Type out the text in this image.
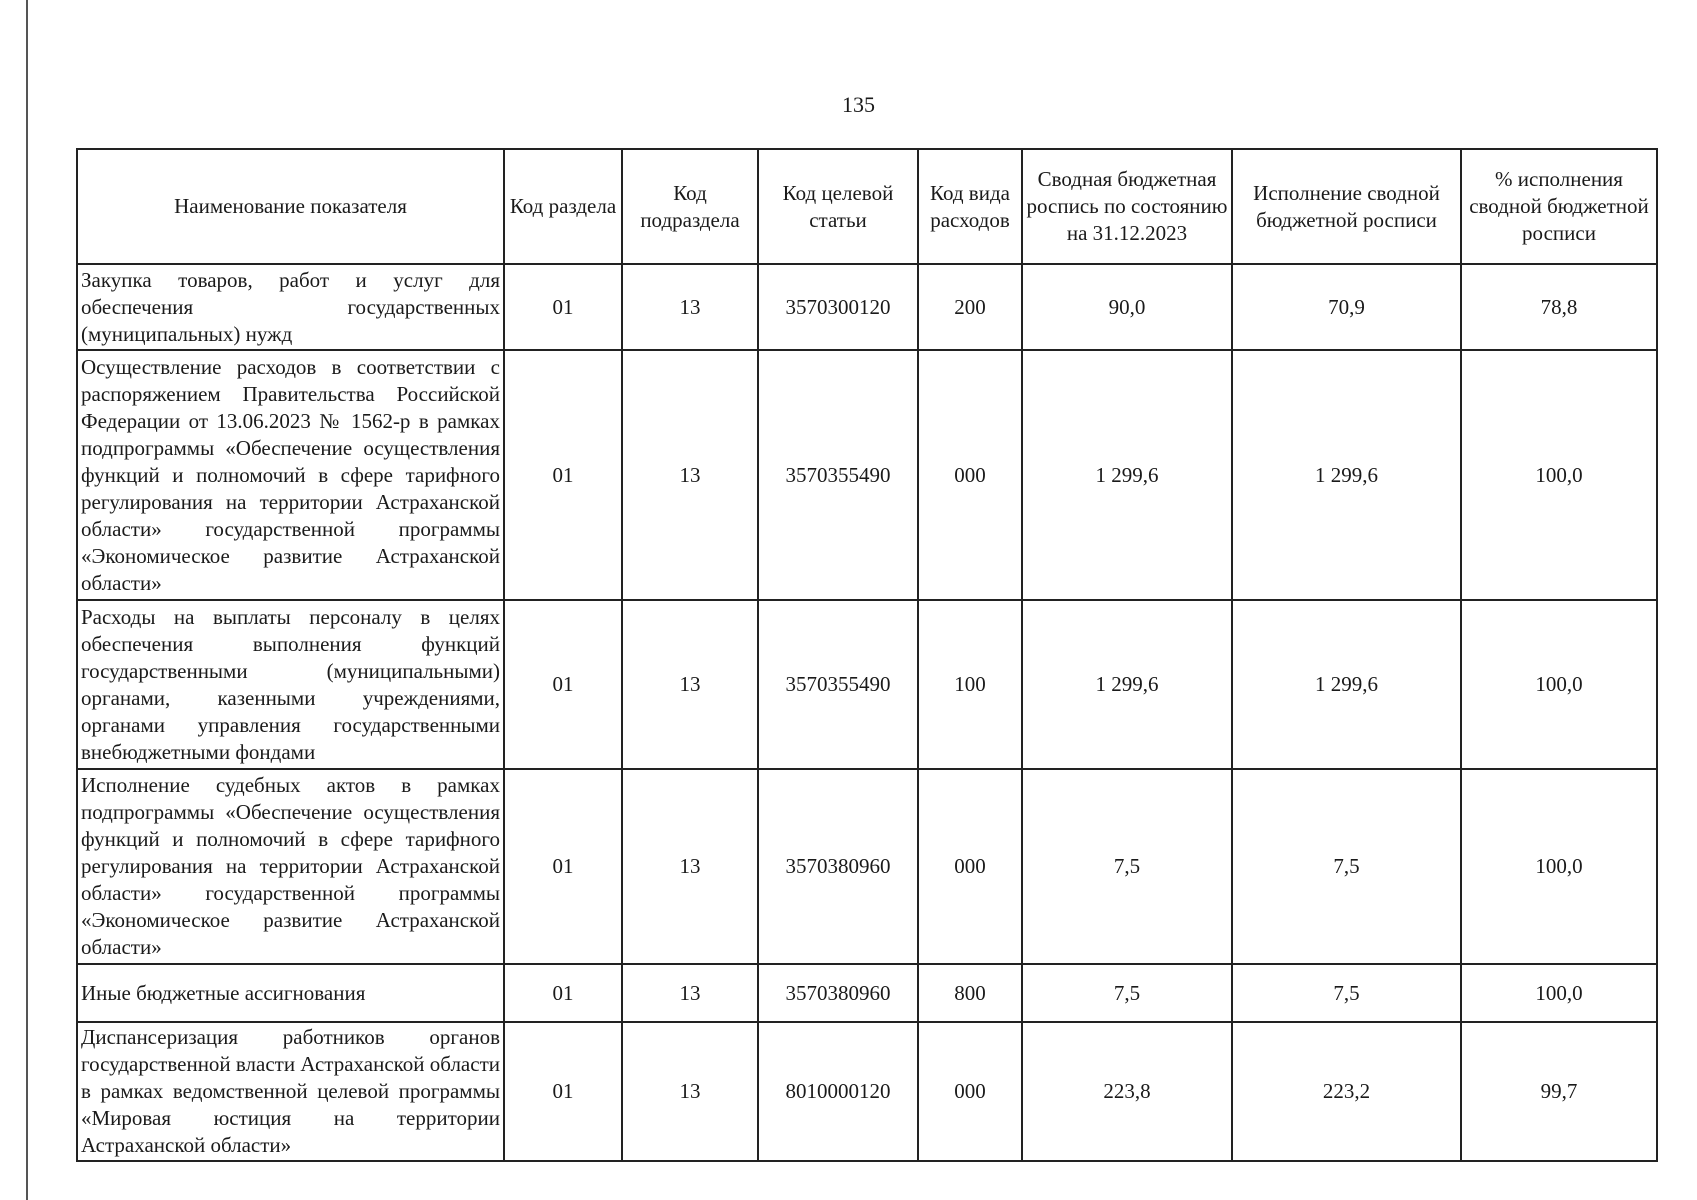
135
Наименование показателя	Код раздела	Код подраздела	Код целевой статьи	Код вида расходов	Сводная бюджетная роспись по состоянию на 31.12.2023	Исполнение сводной бюджетной росписи	% исполнения сводной бюджетной росписи
Закупка товаров, работ и услуг для обеспечения государственных (муниципальных) нужд	01	13	3570300120	200	90,0	70,9	78,8
Осуществление расходов в соответствии с распоряжением Правительства Российской Федерации от 13.06.2023 № 1562-р в рамках подпрограммы «Обеспечение осуществления функций и полномочий в сфере тарифного регулирования на территории Астраханской области» государственной программы «Экономическое развитие Астраханской области»	01	13	3570355490	000	1 299,6	1 299,6	100,0
Расходы на выплаты персоналу в целях обеспечения выполнения функций государственными (муниципальными) органами, казенными учреждениями, органами управления государственными внебюджетными фондами	01	13	3570355490	100	1 299,6	1 299,6	100,0
Исполнение судебных актов в рамках подпрограммы «Обеспечение осуществления функций и полномочий в сфере тарифного регулирования на территории Астраханской области» государственной программы «Экономическое развитие Астраханской области»	01	13	3570380960	000	7,5	7,5	100,0
Иные бюджетные ассигнования	01	13	3570380960	800	7,5	7,5	100,0
Диспансеризация работников органов государственной власти Астраханской области в рамках ведомственной целевой программы «Мировая юстиция на территории Астраханской области»	01	13	8010000120	000	223,8	223,2	99,7
